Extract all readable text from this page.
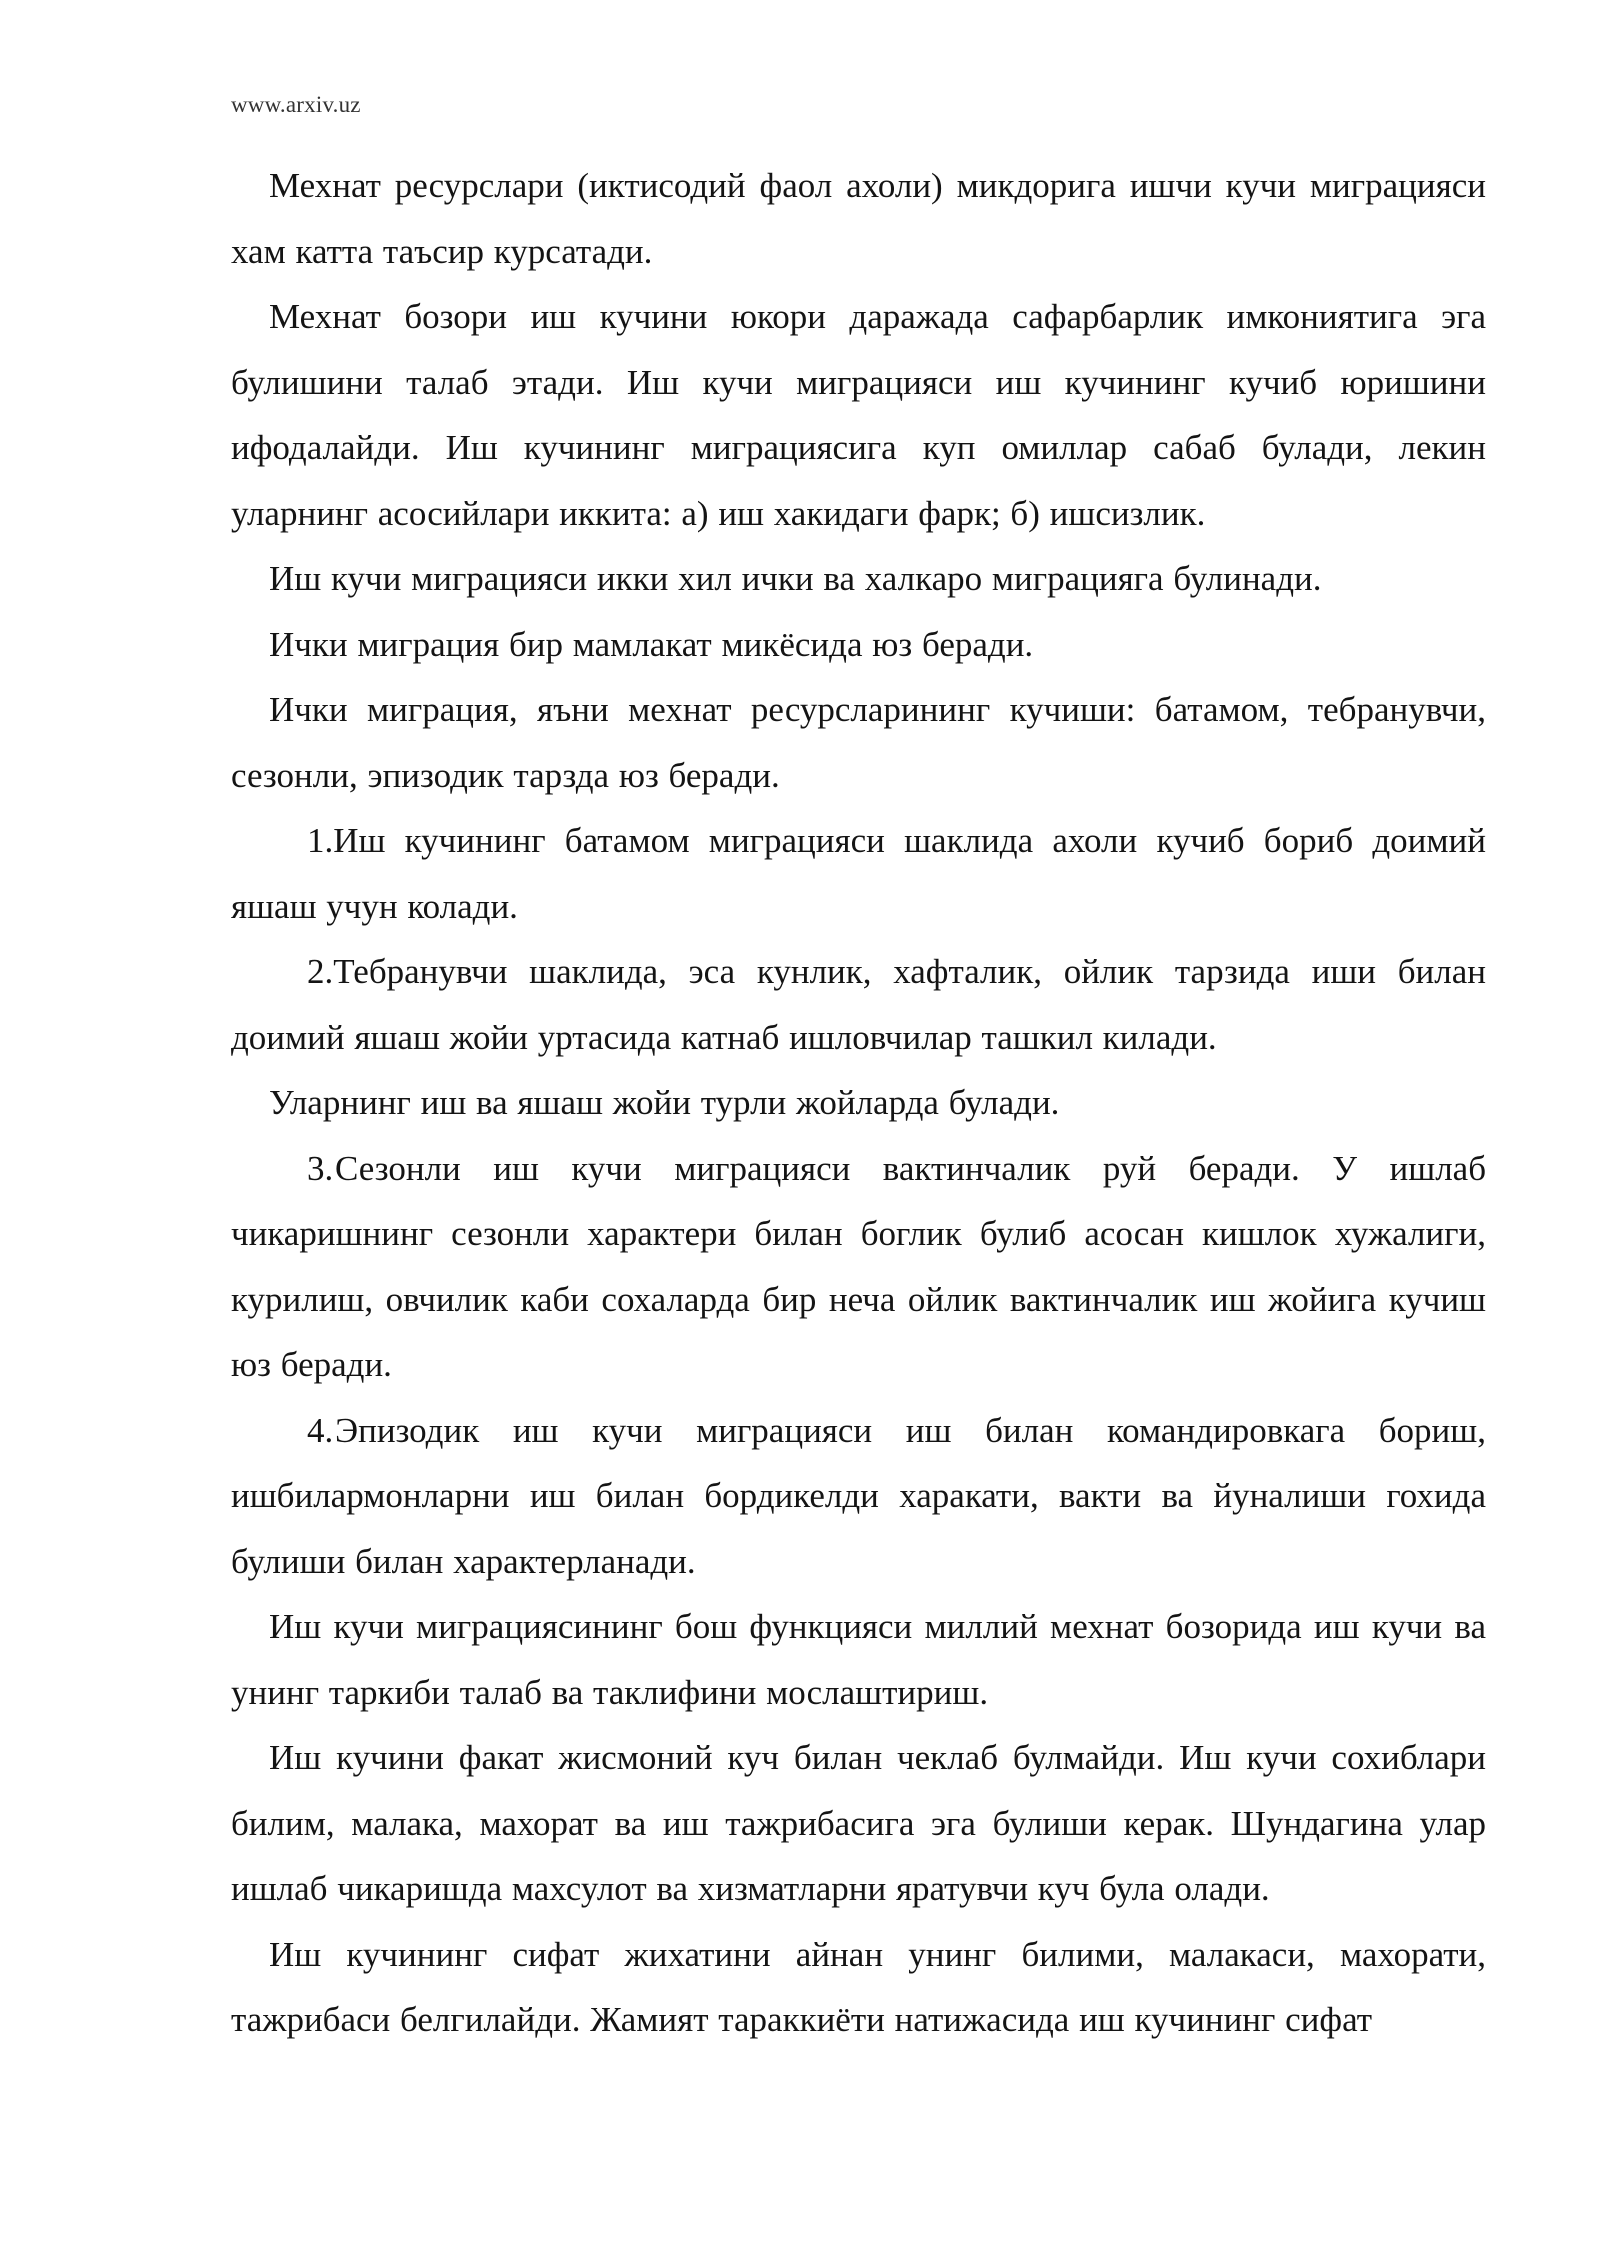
www.arxiv.uz

Мехнат ресурслари (иктисодий фаол ахоли) микдорига ишчи кучи миграцияси хам катта таъсир курсатади.

Мехнат бозори иш кучини юкори даражада сафарбарлик имкониятига эга булишини талаб этади. Иш кучи миграцияси иш кучининг кучиб юришини ифодалайди. Иш кучининг миграциясига куп омиллар сабаб булади, лекин уларнинг асосийлари иккита: а) иш хакидаги фарк; б) ишсизлик.

Иш кучи миграцияси икки хил ички ва халкаро миграцияга булинади.

Ички миграция бир мамлакат микёсида юз беради.

Ички миграция, яъни мехнат ресурсларининг кучиши: батамом, тебранувчи, сезонли, эпизодик тарзда юз беради.

1.Иш кучининг батамом миграцияси шаклида ахоли кучиб бориб доимий яшаш учун колади.

2.Тебранувчи шаклида, эса кунлик, хафталик, ойлик тарзида иши билан доимий яшаш жойи уртасида катнаб ишловчилар ташкил килади.

Уларнинг иш ва яшаш жойи турли жойларда булади.

3.Сезонли иш кучи миграцияси вактинчалик руй беради. У ишлаб чикаришнинг сезонли характери билан боглик булиб асосан кишлок хужалиги, курилиш, овчилик каби сохаларда бир неча ойлик вактинчалик иш жойига кучиш юз беради.

4.Эпизодик иш кучи миграцияси иш билан командировкага бориш, ишбилармонларни иш билан бордикелди харакати, вакти ва йуналиши гохида булиши билан характерланади.

Иш кучи миграциясининг бош функцияси миллий мехнат бозорида иш кучи ва унинг таркиби талаб ва таклифини мослаштириш.

Иш кучини факат жисмоний куч билан чеклаб булмайди. Иш кучи сохиблари билим, малака, махорат ва иш тажрибасига эга булиши керак. Шундагина улар ишлаб чикаришда махсулот ва хизматларни яратувчи куч була олади.

Иш кучининг сифат жихатини айнан унинг билими, малакаси, махорати, тажрибаси белгилайди. Жамият тараккиёти натижасида иш кучининг сифат
